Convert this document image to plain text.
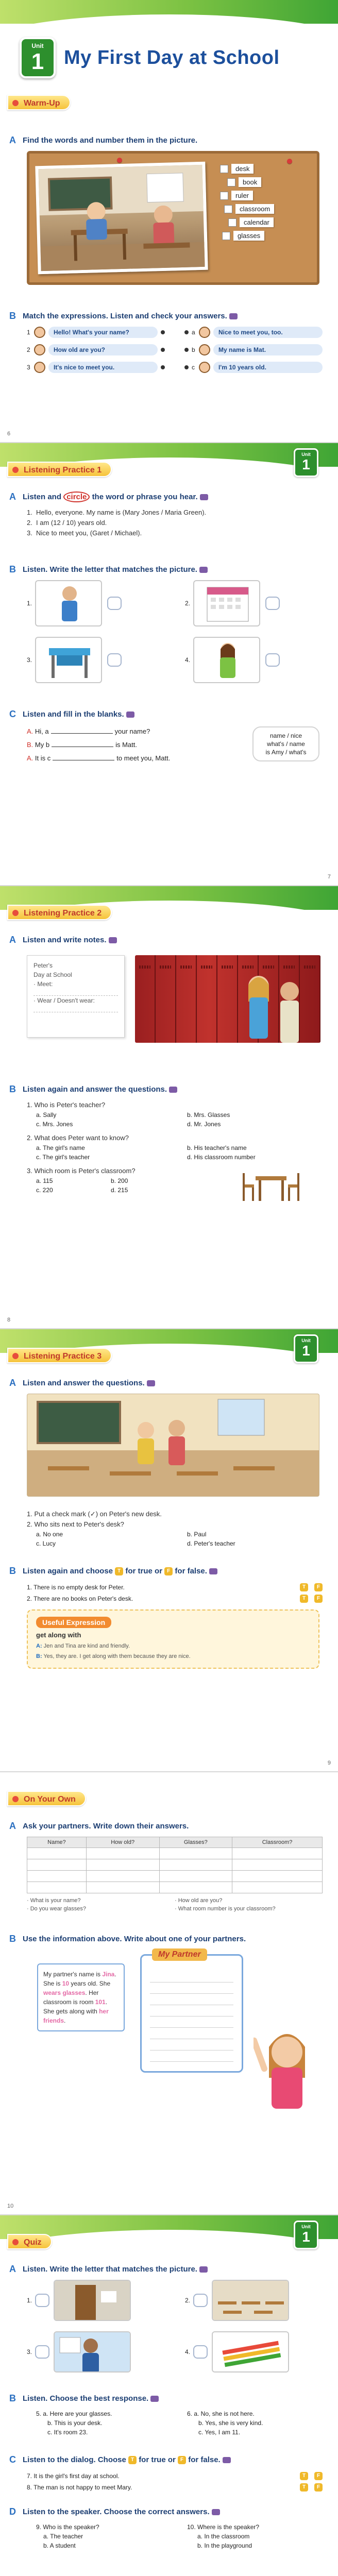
Unit
1	My First Day at School
Warm-Up
A Find the words and number them in the picture.
desk
book
ruler
classroom
calendar
glasses
B Match the expressions. Listen and check your answers.
1	Hello! What's your name?	a	Nice to meet you, too.
2	How old are you?	b	My name is Mat.
3	It's nice to meet you.	c	I'm 10 years old.
6
Unit
1
Listening Practice 1
A Listen and
circle
the word or phrase you hear.
1. Hello, everyone. My name is (Mary Jones / Maria Green).
2. I am (12 / 10) years old.
3. Nice to meet you, (Garet / Michael).
B Listen. Write the letter that matches the picture.
1.	2.
3.	4.
C Listen and fill in the blanks.
A. Hi, a	your name?
B. My b	is Matt.
A. It is c	to meet you, Matt.
name / nice
what's / name
is Amy / what's
7
Listening Practice 2
A Listen and write notes.
Peter's
Day at School
· Meet:
· Wear / Doesn't wear:
B Listen again and answer the questions.
1. Who is Peter's teacher?
a. Sally	b. Mrs. Glasses
c. Mrs. Jones	d. Mr. Jones
2. What does Peter want to know?
a. The girl's name	b. His teacher's name
c. The girl's teacher	d. His classroom number
3. Which room is Peter's classroom?
a. 115	b. 200
c. 220	d. 215
8
Unit
1
Listening Practice 3
A Listen and answer the questions.
1. Put a check mark (✓) on Peter's new desk.
2. Who sits next to Peter's desk?
a. No one	b. Paul
c. Lucy	d. Peter's teacher
B Listen again and choose
T
for true or
F
for false.
1. There is no empty desk for Peter.	T	F
2. There are no books on Peter's desk.	T	F
Useful Expression
get along with
A: Jen and Tina are kind and friendly.
B: Yes, they are. I get along with them because they are nice.
9
On Your Own
A Ask your partners. Write down their answers.
Name?	How old?	Glasses?	Classroom?

· What is your name?
· Do you wear glasses?
· How old are you?
· What room number is your classroom?
B Use the information above. Write about one of your partners.
My partner's name is Jina. She is 10 years old. She wears glasses. Her classroom is room 101. She gets along with her friends.
My Partner
10
Unit
1
Quiz
A Listen. Write the letter that matches the picture.
1.	2.
3.	4.
B Listen. Choose the best response.
5. a. Here are your glasses.	6. a. No, she is not here.
b. This is your desk.	b. Yes, she is very kind.
c. It's room 23.	c. Yes, I am 11.
C Listen to the dialog. Choose
T
for true or
F
for false.
7. It is the girl's first day at school.	T	F
8. The man is not happy to meet Mary.	T	F
D Listen to the speaker. Choose the correct answers.
9. Who is the speaker?	10. Where is the speaker?
a. The teacher	a. In the classroom
b. A student	b. In the playground
